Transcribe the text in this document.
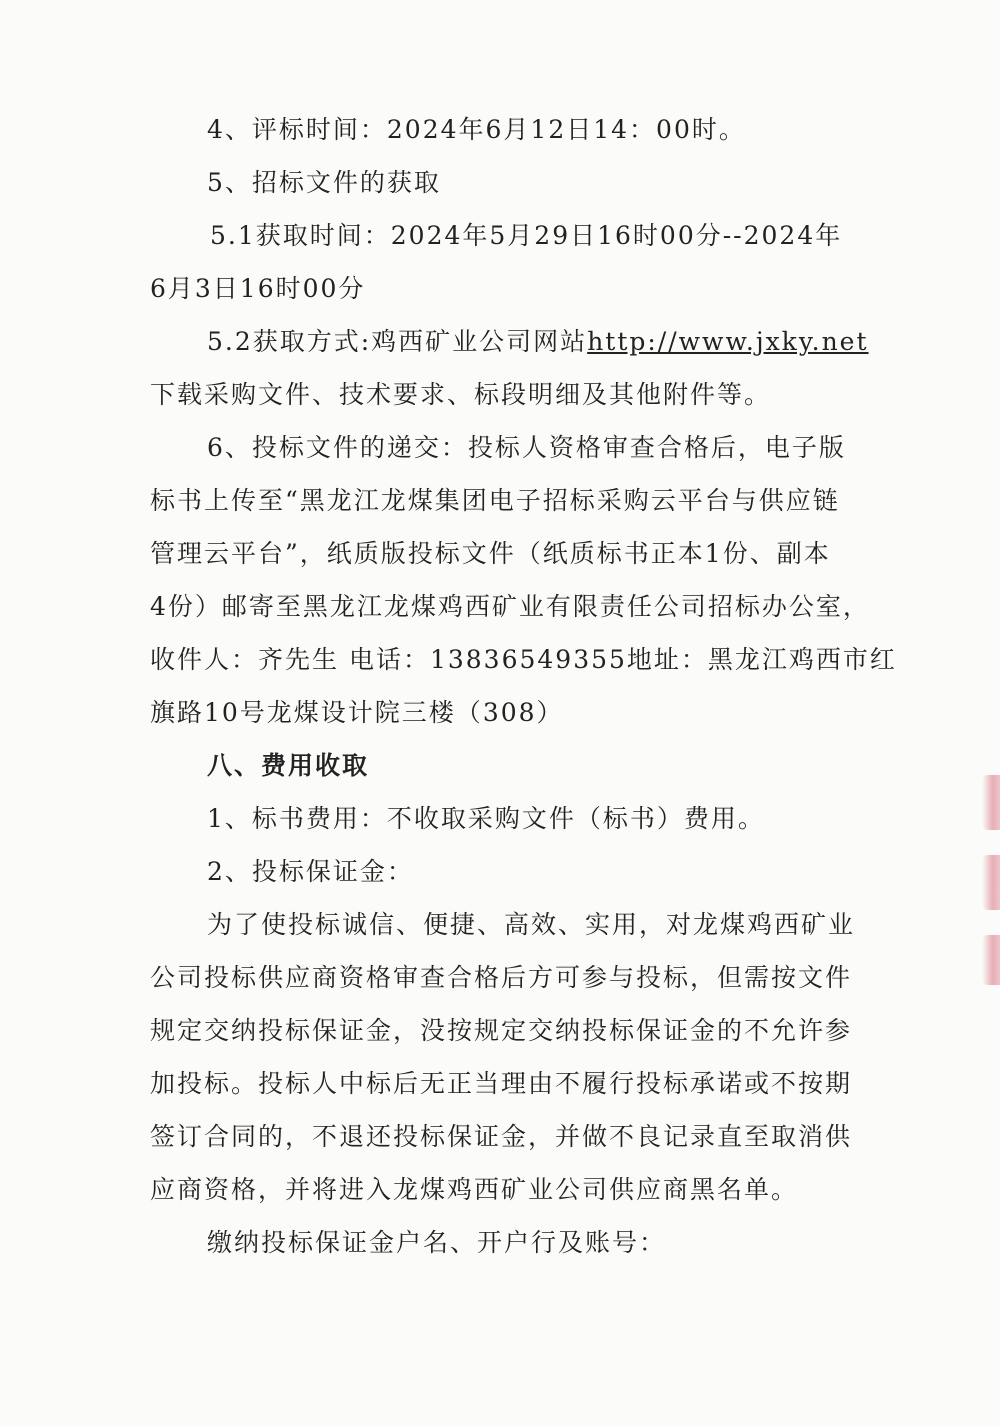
4、评标时间：2024年6月12日14：00时。
5、招标文件的获取
5.1获取时间：2024年5月29日16时00分--2024年
6月3日16时00分
5.2获取方式:鸡西矿业公司网站 http://www.jxky.net
下载采购文件、技术要求、标段明细及其他附件等。
6、投标文件的递交：投标人资格审查合格后，电子版
标书上传至“黑龙江龙煤集团电子招标采购云平台与供应链
管理云平台”，纸质版投标文件（纸质标书正本1份、副本
4份）邮寄至黑龙江龙煤鸡西矿业有限责任公司招标办公室，
收件人：齐先生 电话：13836549355地址：黑龙江鸡西市红
旗路10号龙煤设计院三楼（308）
八、费用收取
1、标书费用：不收取采购文件（标书）费用。
2、投标保证金：
为了使投标诚信、便捷、高效、实用，对龙煤鸡西矿业
公司投标供应商资格审查合格后方可参与投标，但需按文件
规定交纳投标保证金，没按规定交纳投标保证金的不允许参
加投标。投标人中标后无正当理由不履行投标承诺或不按期
签订合同的，不退还投标保证金，并做不良记录直至取消供
应商资格，并将进入龙煤鸡西矿业公司供应商黑名单。
缴纳投标保证金户名、开户行及账号：
